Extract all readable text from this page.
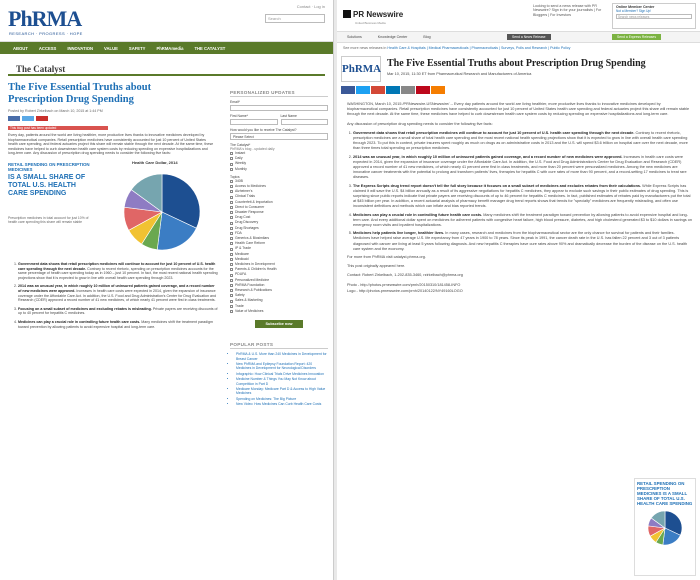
PhRMA
RESEARCH · PROGRESS · HOPE
Contact · Log in
Search
ABOUT	ACCESS	INNOVATION	VALUE	SAFETY	PhRMAmedia	THE CATALYST
The Catalyst
The Five Essential Truths about Prescription Drug Spending
Posted by Robert Zirkelbach on March 10, 2015 at 1:44 PM
This blog post has been updated
Every day, patients around the world are living healthier, more productive lives thanks to innovative medicines developed by biopharmaceutical companies. Retail prescription medicines have consistently accounted for just 10 percent of United States health care spending, and federal actuaries project this share will remain stable through the next decade. At the same time, these medicines have helped to curb downstream health care system costs by reducing spending on expensive hospitalizations and long-term care. Any discussion of prescription drug spending needs to consider the following five facts:
RETAIL SPENDING ON PRESCRIPTION MEDICINES
IS A SMALL SHARE OF TOTAL U.S. HEALTH CARE SPENDING
Prescription medicines in total account for just 10% of health care spending this share will remain stable
Health Care Dollar, 2014
1. Government data shows that retail prescription medicines will continue to account for just 10 percent of U.S. health care spending through the next decade. Contrary to recent rhetoric, spending on prescription medicines accounts for the same percentage of health care spending today as in 1960 – just 10 percent. In fact, the most recent national health spending projections show that it is expected to grow in line with overall health care spending through 2023.
2. 2014 was an unusual year, in which roughly 10 million of uninsured patients gained coverage, and a record number of new medicines were approved. Increases in health care costs were expected in 2014, given the expansion of insurance coverage under the Affordable Care Act. In addition, the U.S. Food and Drug Administration's Center for Drug Evaluation and Research (CDER) approved a record number of 41 new medicines, of which nearly 41 percent were first in class treatments.
3. Focusing on a small subset of medicines and excluding rebates is misleading. Private payers are receiving discounts of up to 40 percent for hepatitis C medicines.
4. Medicines can play a crucial role in controlling future health care costs. Many medicines shift the treatment paradigm toward prevention by allowing patients to avoid expensive hospital and long-term care.
PERSONALIZED UPDATES
Email*
First Name*	Last Name
How would you like to receive The Catalyst?
Please Select
The Catalyst*
PhRMA's blog - updated daily
Instant
Daily
Weekly
Monthly
Topics
340B
Access to Medicines
Alzheimer's
Clinical Trials
Counterfeit & Importation
Direct to Consumer
Disaster Response
Drug Cost
Drug Discovery
Drug Shortages
FDA
Generics & Biosimilars
Health Care Reform
IP & Trade
Medicare
Medicaid
Medicines in Development
Parents & Children's Health
PDUFA
Personalized Medicine
PhRMA Foundation
Research & Publications
Safety
Sales & Marketing
Trade
Value of Medicines
Subscribe now
POPULAR POSTS
• PhRMA & U.S. More than 240 Medicines in Development for Breast Cancer
• New PhRMA and Epilepsy Foundation Report: 420 Medicines in Development for Neurological Disorders
• Infographic: How Clinical Trials Drive Medicines Innovation
• Medicine Number & Things You May Not Know about Competition in Part D
• Medicare Monday: Medicare Part D & Access to High Value Medicines
• Spending on Medicines: The Big Picture
• New Video: How Medicines Can Curb Health Care Costs
PR Newswire
United Business Media
Looking to send a news release with PR Newswire? Sign in for your journalists | For Bloggers | For Investors
Online Member Center
Not a Member? Sign Up!
Search news releases
Solutions	Knowledge Center	Blog	Send a News Release	Send a Express Releases
See more news releases in Health Care & Hospitals | Medical Pharmaceuticals | Pharmaceuticals | Surveys, Polls and Research | Public Policy
PhRMA The Five Essential Truths about Prescription Drug Spending
Mar 10, 2015, 11:30 ET from Pharmaceutical Research and Manufacturers of America

WASHINGTON, March 10, 2015 /PRNewswire-USNewswire/ -- Every day patients around the world are living healthier, more productive lives thanks to innovative medicines developed by biopharmaceutical companies. Retail prescription medicines have consistently accounted for just 10 percent of United States health care spending and federal actuaries project this share will remain stable through the next decade. At the same time, these medicines have helped to curb downstream health care system costs by reducing spending on expensive hospitalizations and long-term care.

Any discussion of prescription drug spending needs to consider the following five facts:

1. Government data shows that retail prescription medicines will continue to account for just 10 percent of U.S. health care spending through the next decade. Contrary to recent rhetoric, prescription medicines are a small share of total health care spending and the most recent national health spending projections show that it is expected to grow in line with overall health care spending through 2023. To put this in context, private insurers spent roughly as much on drugs as on administrative costs in 2013 and the U.S. will spend $3.6 trillion on hospital care over the next decade, more than three times total spending on prescription medicines.
2. 2014 was an unusual year, in which roughly 10 million of uninsured patients gained coverage, and a record number of new medicines were approved. Increases in health care costs were expected in 2014, given the expansion of insurance coverage under the Affordable Care Act. In addition, the U.S. Food and Drug Administration's Center for Drug Evaluation and Research (CDER) approved a record number of 41 new medicines, of which nearly 41 percent were first in class treatments, and more than 20 percent were personalized medicines. Among the new medicines are innovative cancer treatments with the potential to prolong and transform patients' lives, therapies for hepatitis C with cure rates of more than 90 percent, and a record-setting 17 medicines to treat rare diseases.
3. The Express Scripts drug trend report doesn't tell the full story because it focuses on a small subset of medicines and excludes rebates from their calculations. While Express Scripts has claimed it will save the U.S. $4 billion annually as a result of its aggressive negotiations for hepatitis C medicines, they appear to exclude such savings in their public estimates of drug spending. This is surprising since public reports indicate that private payers are receiving discounts of up to 46 percent for hepatitis C medicines. In fact, published estimates of rebates paid by manufacturers put the total at $45 billion per year. In addition, a recent actuarial analysis of pharmacy benefit manager drug trend reports shows that trends for "specialty" medicines are frequently misleading, and often use inconsistent definitions and methods which can inflate and bias reported trends.
4. Medicines can play a crucial role in controlling future health care costs. Many medicines shift the treatment paradigm toward prevention by allowing patients to avoid expensive hospital and long-term care. And every additional dollar spent on medicines for adherent patients with congestive heart failure, high blood pressure, diabetes, and high cholesterol generated $3 to $10 dollars in savings on emergency room visits and inpatient hospitalizations.
5. Medicines help patients live longer, healthier lives. In many cases, research and medicines from the biopharmaceutical sector are the only chance for survival for patients and their families. Medicines have helped raise average U.S. life expectancy from 47 years in 1900 to 78 years. Since its peak in 1991, the cancer death rate in the U.S. has fallen 22 percent and 3 out of 3 patients diagnosed with cancer are living at least 5 years following diagnosis. And new hepatitis C therapies have cure rates above 90% and dramatically decrease the burden of the disease on the U.S. health care system and the economy.

For more from PhRMA visit catalyst.phrma.org.

This post originally appeared here.

Contact: Robert Zirkelbach, 1-202-835-3460, rzirkelbach@phrma.org

Photo - http://photos.prnewswire.com/prnh/20150310/181458-INFO

Logo - http://photos.prnewswire.com/prnh/20140122/NY49160LOGO

RETAIL SPENDING ON PRESCRIPTION MEDICINES IS A SMALL SHARE OF TOTAL U.S. HEALTH CARE SPENDING
